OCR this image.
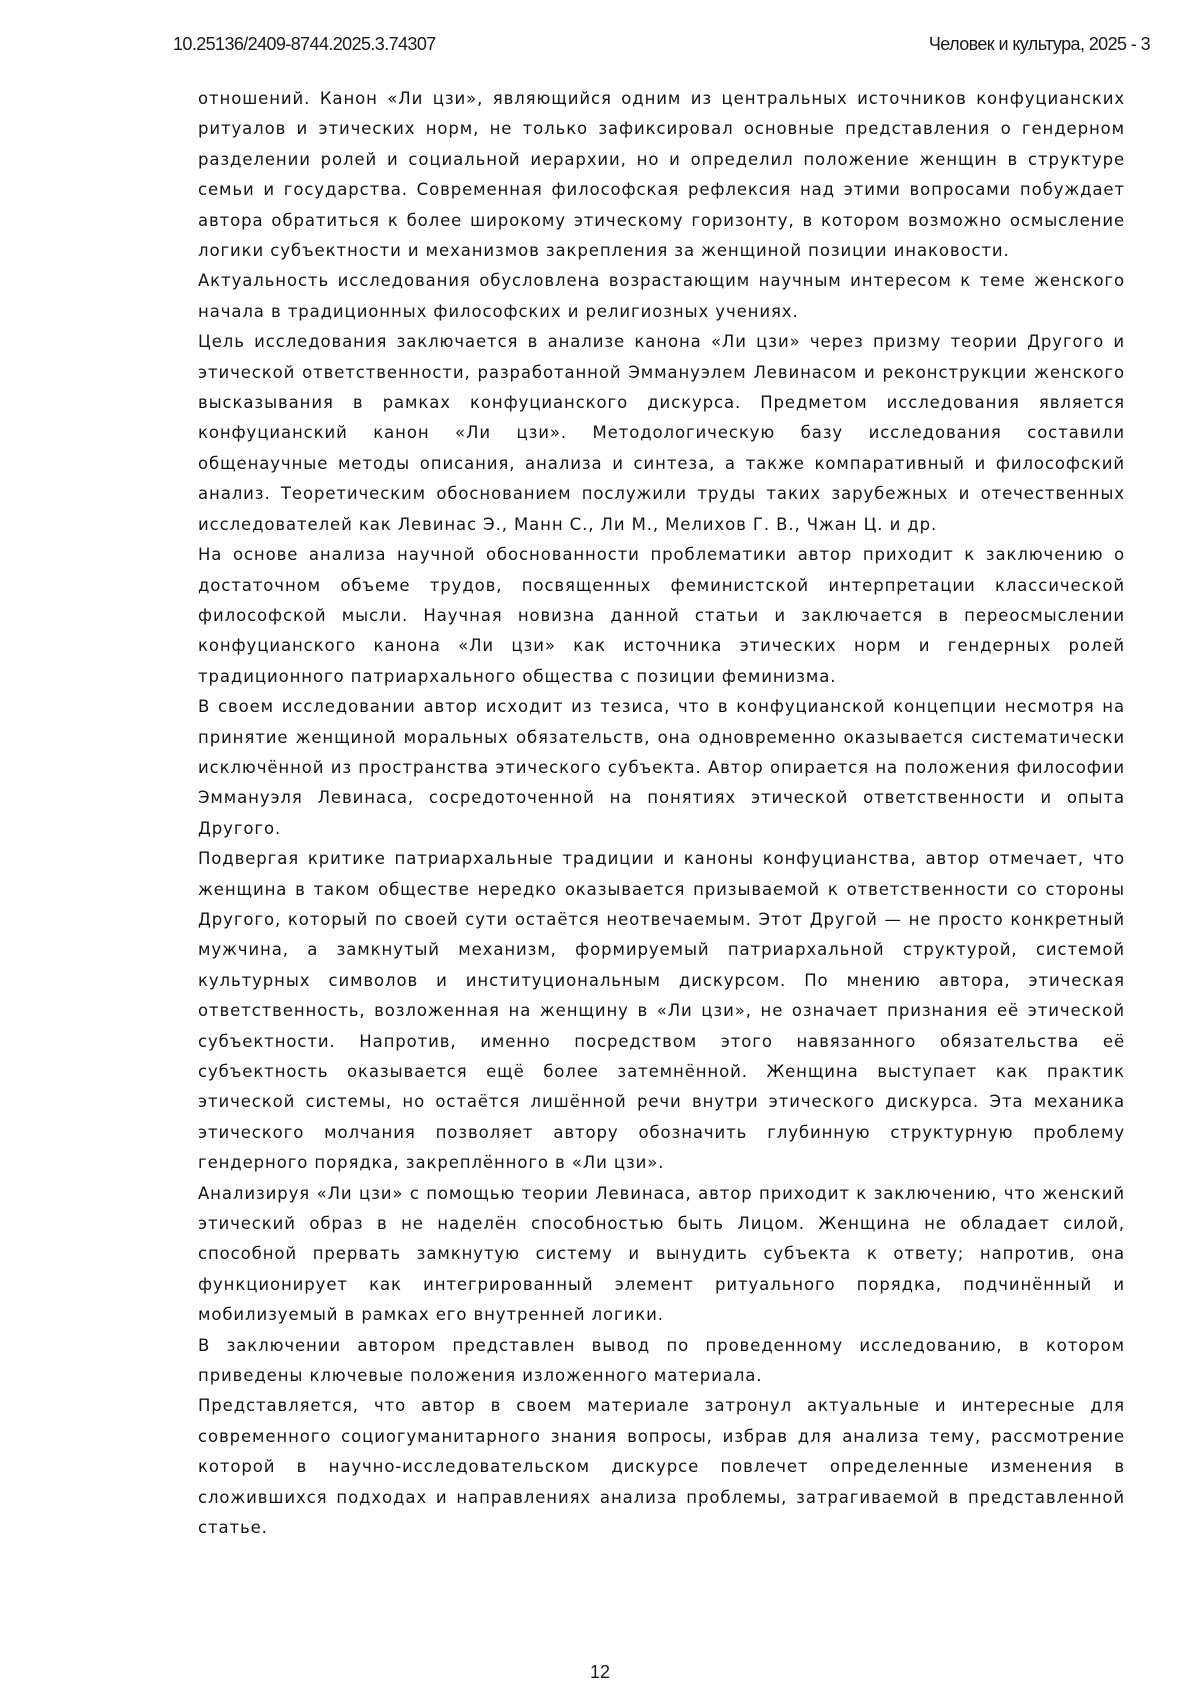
10.25136/2409-8744.2025.3.74307	Человек и культура, 2025 - 3

отношений. Канон «Ли цзи», являющийся одним из центральных источников конфуцианских ритуалов и этических норм, не только зафиксировал основные представления о гендерном разделении ролей и социальной иерархии, но и определил положение женщин в структуре семьи и государства. Современная философская рефлексия над этими вопросами побуждает автора обратиться к более широкому этическому горизонту, в котором возможно осмысление логики субъектности и механизмов закрепления за женщиной позиции инаковости.

Актуальность исследования обусловлена возрастающим научным интересом к теме женского начала в традиционных философских и религиозных учениях.

Цель исследования заключается в анализе канона «Ли цзи» через призму теории Другого и этической ответственности, разработанной Эммануэлем Левинасом и реконструкции женского высказывания в рамках конфуцианского дискурса. Предметом исследования является конфуцианский канон «Ли цзи». Методологическую базу исследования составили общенаучные методы описания, анализа и синтеза, а также компаративный и философский анализ. Теоретическим обоснованием послужили труды таких зарубежных и отечественных исследователей как Левинас Э., Манн С., Ли М., Мелихов Г. В., Чжан Ц. и др.

На основе анализа научной обоснованности проблематики автор приходит к заключению о достаточном объеме трудов, посвященных феминистской интерпретации классической философской мысли. Научная новизна данной статьи и заключается в переосмыслении конфуцианского канона «Ли цзи» как источника этических норм и гендерных ролей традиционного патриархального общества с позиции феминизма.

В своем исследовании автор исходит из тезиса, что в конфуцианской концепции несмотря на принятие женщиной моральных обязательств, она одновременно оказывается систематически исключённой из пространства этического субъекта. Автор опирается на положения философии Эммануэля Левинаса, сосредоточенной на понятиях этической ответственности и опыта Другого.

Подвергая критике патриархальные традиции и каноны конфуцианства, автор отмечает, что женщина в таком обществе нередко оказывается призываемой к ответственности со стороны Другого, который по своей сути остаётся неотвечаемым. Этот Другой — не просто конкретный мужчина, а замкнутый механизм, формируемый патриархальной структурой, системой культурных символов и институциональным дискурсом. По мнению автора, этическая ответственность, возложенная на женщину в «Ли цзи», не означает признания её этической субъектности. Напротив, именно посредством этого навязанного обязательства её субъектность оказывается ещё более затемнённой. Женщина выступает как практик этической системы, но остаётся лишённой речи внутри этического дискурса. Эта механика этического молчания позволяет автору обозначить глубинную структурную проблему гендерного порядка, закреплённого в «Ли цзи».

Анализируя «Ли цзи» с помощью теории Левинаса, автор приходит к заключению, что женский этический образ в не наделён способностью быть Лицом. Женщина не обладает силой, способной прервать замкнутую систему и вынудить субъекта к ответу; напротив, она функционирует как интегрированный элемент ритуального порядка, подчинённый и мобилизуемый в рамках его внутренней логики.

В заключении автором представлен вывод по проведенному исследованию, в котором приведены ключевые положения изложенного материала.

Представляется, что автор в своем материале затронул актуальные и интересные для современного социогуманитарного знания вопросы, избрав для анализа тему, рассмотрение которой в научно-исследовательском дискурсе повлечет определенные изменения в сложившихся подходах и направлениях анализа проблемы, затрагиваемой в представленной статье.

12
